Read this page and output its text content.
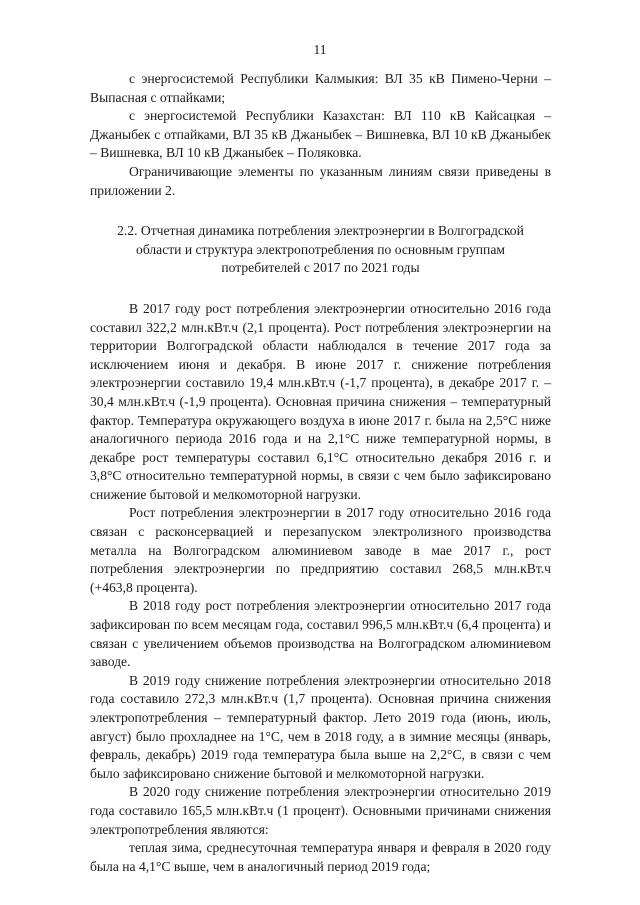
11

с энергосистемой Республики Калмыкия: ВЛ 35 кВ Пимено-Черни – Выпасная с отпайками;

с энергосистемой Республики Казахстан: ВЛ 110 кВ Кайсацкая – Джаныбек с отпайками, ВЛ 35 кВ Джаныбек – Вишневка, ВЛ 10 кВ Джаныбек – Вишневка, ВЛ 10 кВ Джаныбек – Поляковка.

Ограничивающие элементы по указанным линиям связи приведены в приложении 2.

2.2. Отчетная динамика потребления электроэнергии в Волгоградской
области и структура электропотребления по основным группам
потребителей с 2017 по 2021 годы

В 2017 году рост потребления электроэнергии относительно 2016 года составил 322,2 млн.кВт.ч (2,1 процента). Рост потребления электроэнергии на территории Волгоградской области наблюдался в течение 2017 года за исключением июня и декабря. В июне 2017 г. снижение потребления электроэнергии составило 19,4 млн.кВт.ч (-1,7 процента), в декабре 2017 г. – 30,4 млн.кВт.ч (-1,9 процента). Основная причина снижения – температурный фактор. Температура окружающего воздуха в июне 2017 г. была на 2,5°С ниже аналогичного периода 2016 года и на 2,1°С ниже температурной нормы, в декабре рост температуры составил 6,1°С относительно декабря 2016 г. и 3,8°С относительно температурной нормы, в связи с чем было зафиксировано снижение бытовой и мелкомоторной нагрузки.

Рост потребления электроэнергии в 2017 году относительно 2016 года связан с расконсервацией и перезапуском электролизного производства металла на Волгоградском алюминиевом заводе в мае 2017 г., рост потребления электроэнергии по предприятию составил 268,5 млн.кВт.ч (+463,8 процента).

В 2018 году рост потребления электроэнергии относительно 2017 года зафиксирован по всем месяцам года, составил 996,5 млн.кВт.ч (6,4 процента) и связан с увеличением объемов производства на Волгоградском алюминиевом заводе.

В 2019 году снижение потребления электроэнергии относительно 2018 года составило 272,3 млн.кВт.ч (1,7 процента). Основная причина снижения электропотребления – температурный фактор. Лето 2019 года (июнь, июль, август) было прохладнее на 1°С, чем в 2018 году, а в зимние месяцы (январь, февраль, декабрь) 2019 года температура была выше на 2,2°С, в связи с чем было зафиксировано снижение бытовой и мелкомоторной нагрузки.

В 2020 году снижение потребления электроэнергии относительно 2019 года составило 165,5 млн.кВт.ч (1 процент). Основными причинами снижения электропотребления являются:

теплая зима, среднесуточная температура января и февраля в 2020 году была на 4,1°С выше, чем в аналогичный период 2019 года;
